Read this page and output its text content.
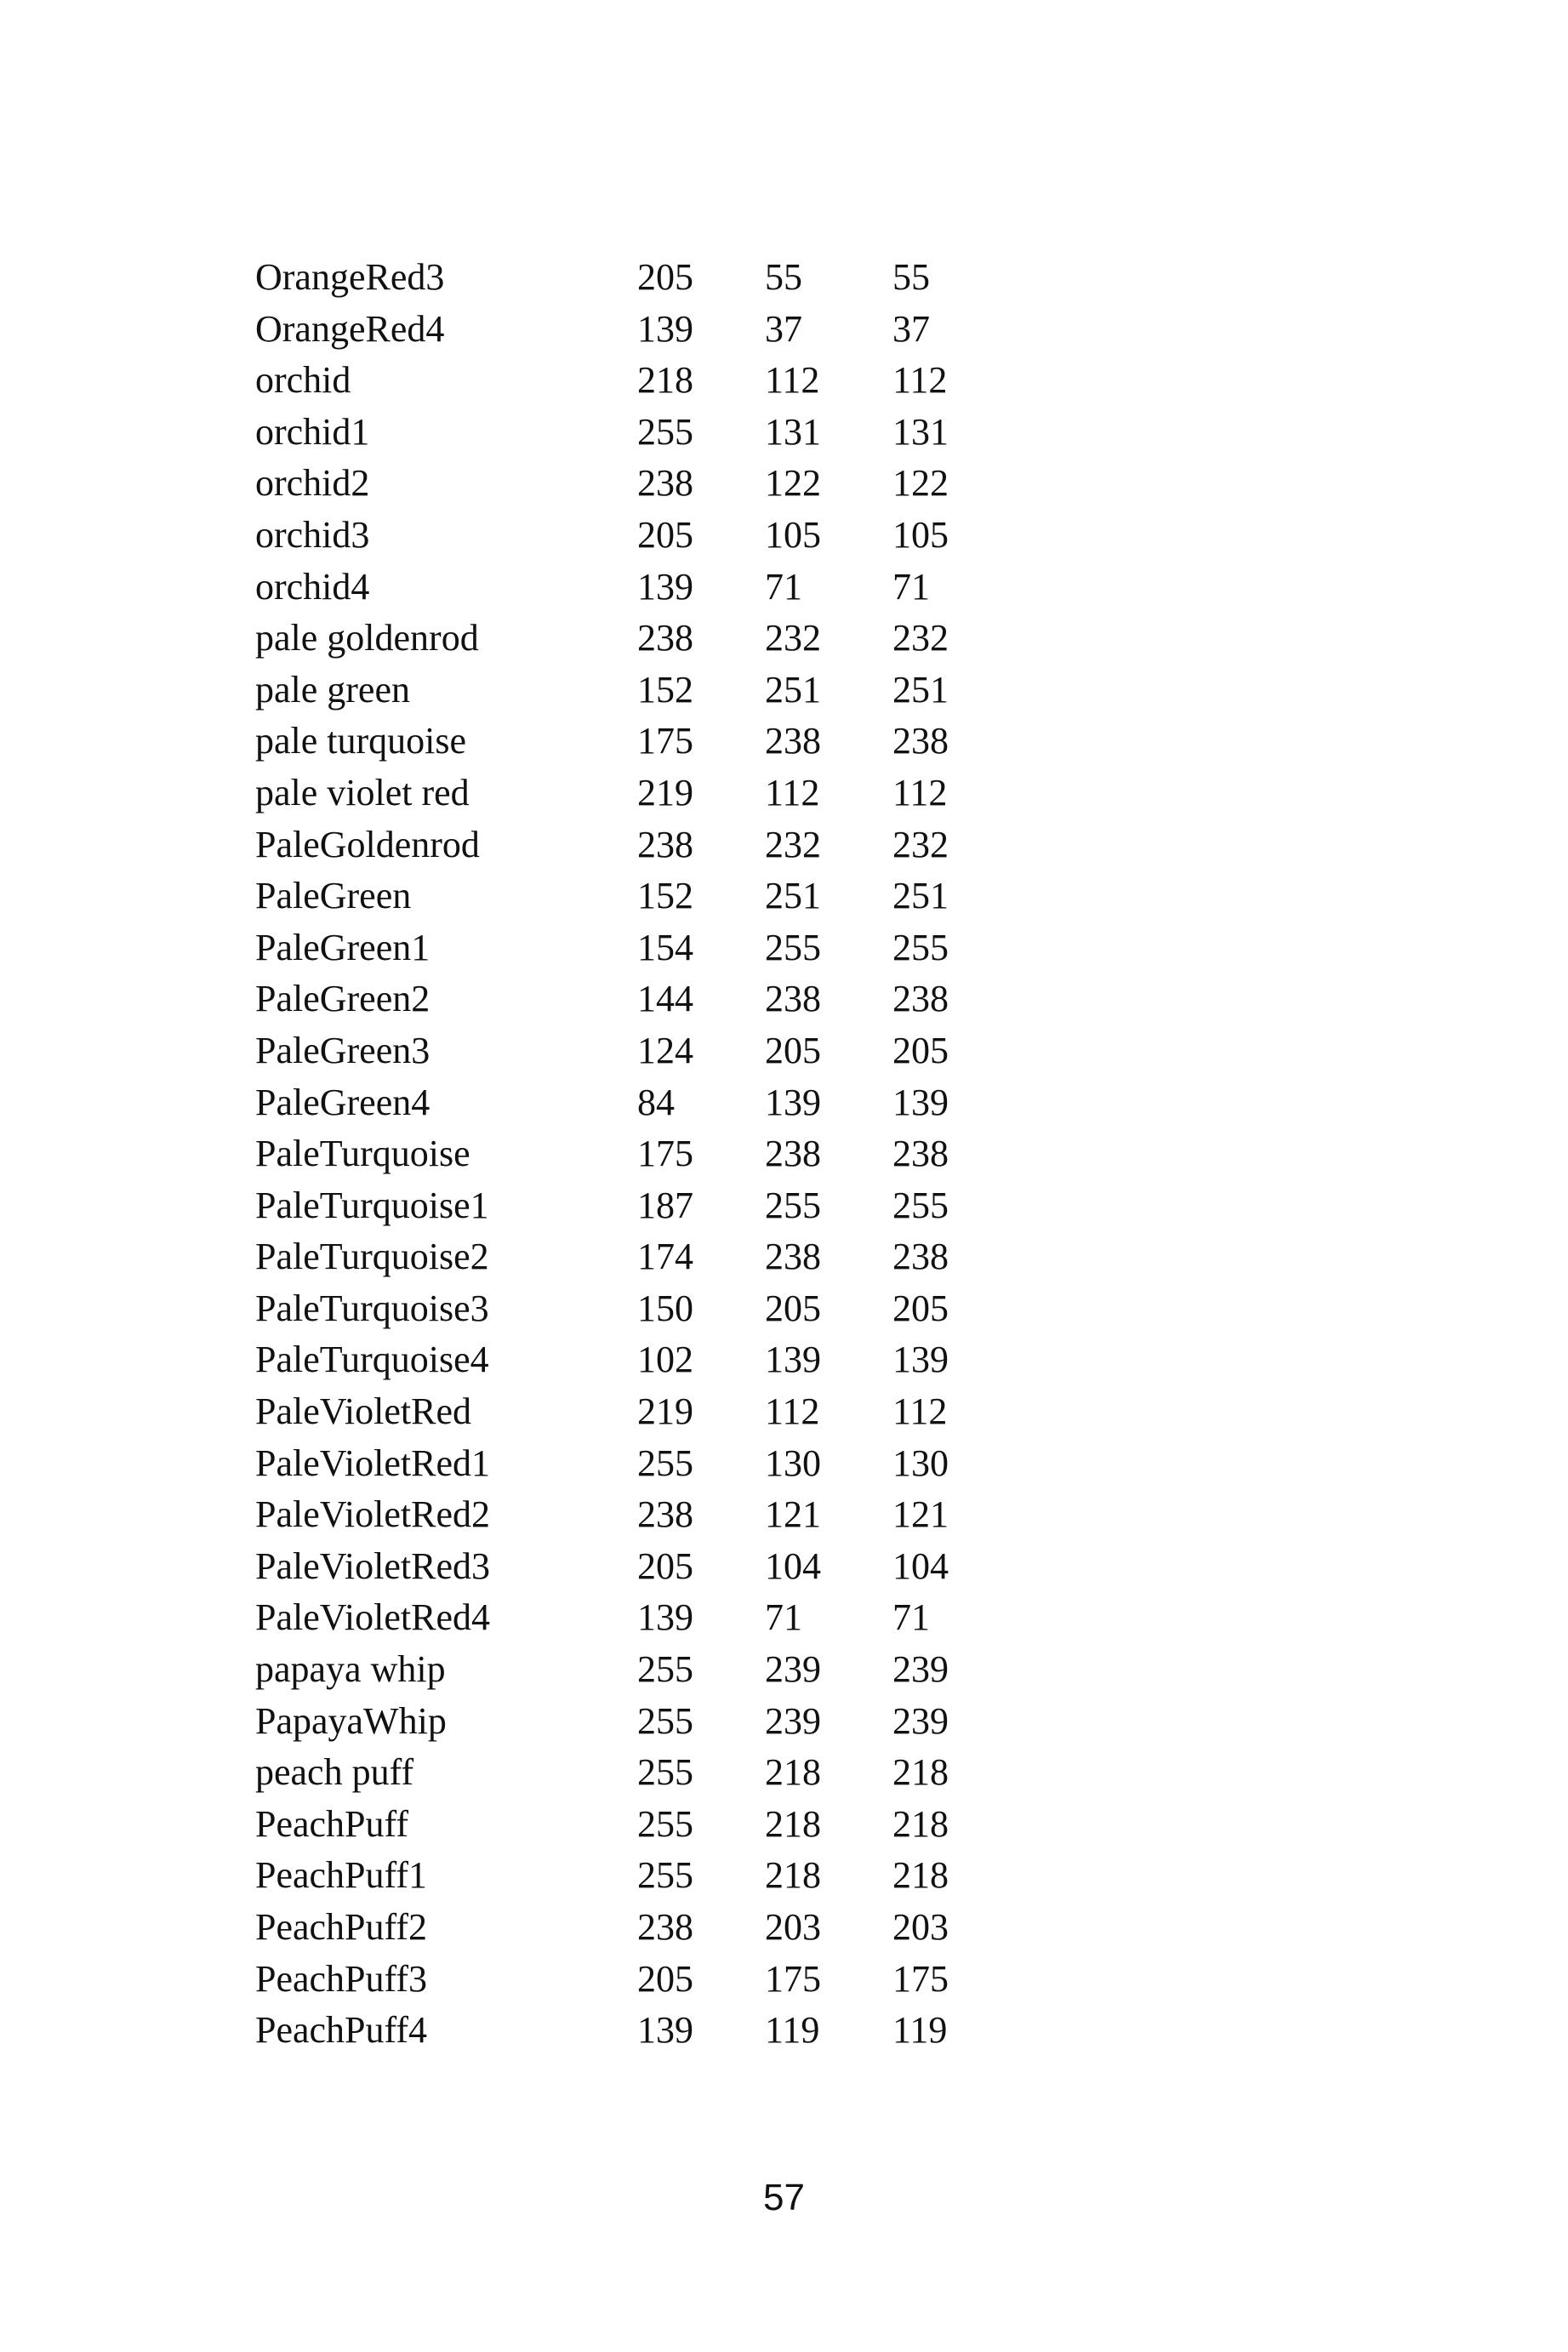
OrangeRed3	205	55	55
OrangeRed4	139	37	37
orchid	218	112	112
orchid1	255	131	131
orchid2	238	122	122
orchid3	205	105	105
orchid4	139	71	71
pale goldenrod	238	232	232
pale green	152	251	251
pale turquoise	175	238	238
pale violet red	219	112	112
PaleGoldenrod	238	232	232
PaleGreen	152	251	251
PaleGreen1	154	255	255
PaleGreen2	144	238	238
PaleGreen3	124	205	205
PaleGreen4	84	139	139
PaleTurquoise	175	238	238
PaleTurquoise1	187	255	255
PaleTurquoise2	174	238	238
PaleTurquoise3	150	205	205
PaleTurquoise4	102	139	139
PaleVioletRed	219	112	112
PaleVioletRed1	255	130	130
PaleVioletRed2	238	121	121
PaleVioletRed3	205	104	104
PaleVioletRed4	139	71	71
papaya whip	255	239	239
PapayaWhip	255	239	239
peach puff	255	218	218
PeachPuff	255	218	218
PeachPuff1	255	218	218
PeachPuff2	238	203	203
PeachPuff3	205	175	175
PeachPuff4	139	119	119
57
